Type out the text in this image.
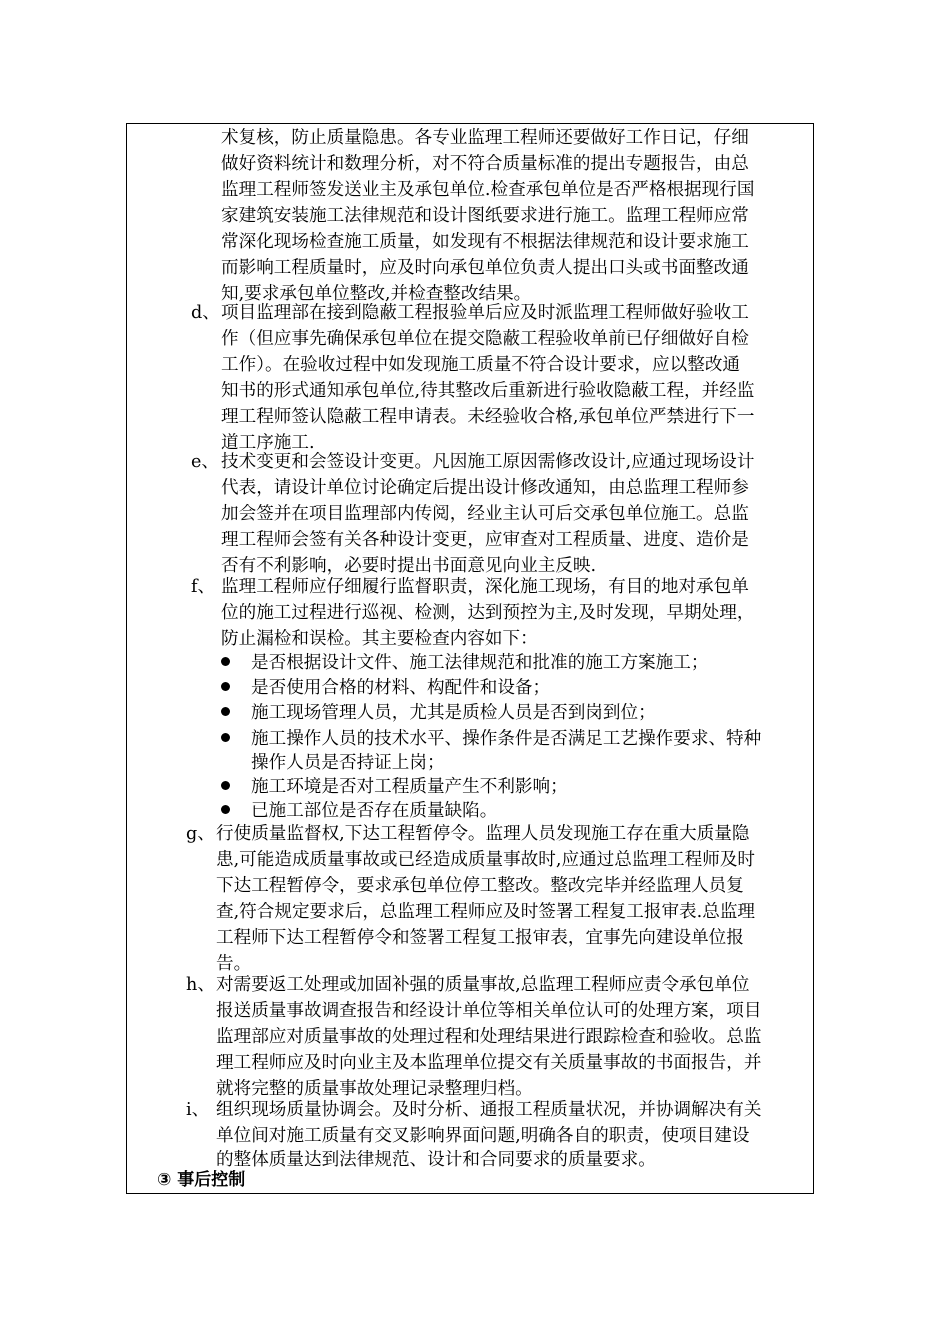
术复核，防止质量隐患。各专业监理工程师还要做好工作日记，仔细
做好资料统计和数理分析，对不符合质量标准的提出专题报告，由总
监理工程师签发送业主及承包单位.检查承包单位是否严格根据现行国
家建筑安装施工法律规范和设计图纸要求进行施工。监理工程师应常
常深化现场检查施工质量，如发现有不根据法律规范和设计要求施工
而影响工程质量时，应及时向承包单位负责人提出口头或书面整改通
知,要求承包单位整改,并检查整改结果。
d、 项目监理部在接到隐蔽工程报验单后应及时派监理工程师做好验收工
作（但应事先确保承包单位在提交隐蔽工程验收单前已仔细做好自检
工作）。在验收过程中如发现施工质量不符合设计要求，应以整改通
知书的形式通知承包单位,待其整改后重新进行验收隐蔽工程，并经监
理工程师签认隐蔽工程申请表。未经验收合格,承包单位严禁进行下一
道工序施工.
e、 技术变更和会签设计变更。凡因施工原因需修改设计,应通过现场设计
代表，请设计单位讨论确定后提出设计修改通知，由总监理工程师参
加会签并在项目监理部内传阅，经业主认可后交承包单位施工。总监
理工程师会签有关各种设计变更，应审查对工程质量、进度、造价是
否有不利影响，必要时提出书面意见向业主反映.
f、 监理工程师应仔细履行监督职责，深化施工现场，有目的地对承包单
位的施工过程进行巡视、检测，达到预控为主,及时发现，早期处理，
防止漏检和误检。其主要检查内容如下：
是否根据设计文件、施工法律规范和批准的施工方案施工；
是否使用合格的材料、构配件和设备；
施工现场管理人员，尤其是质检人员是否到岗到位；
施工操作人员的技术水平、操作条件是否满足工艺操作要求、特种
操作人员是否持证上岗；
施工环境是否对工程质量产生不利影响；
已施工部位是否存在质量缺陷。
g、 行使质量监督权,下达工程暂停令。监理人员发现施工存在重大质量隐
患,可能造成质量事故或已经造成质量事故时,应通过总监理工程师及时
下达工程暂停令，要求承包单位停工整改。整改完毕并经监理人员复
查,符合规定要求后，总监理工程师应及时签署工程复工报审表.总监理
工程师下达工程暂停令和签署工程复工报审表，宜事先向建设单位报
告。
h、 对需要返工处理或加固补强的质量事故,总监理工程师应责令承包单位
报送质量事故调查报告和经设计单位等相关单位认可的处理方案，项目
监理部应对质量事故的处理过程和处理结果进行跟踪检查和验收。总监
理工程师应及时向业主及本监理单位提交有关质量事故的书面报告，并
就将完整的质量事故处理记录整理归档。
i、 组织现场质量协调会。及时分析、通报工程质量状况，并协调解决有关
单位间对施工质量有交叉影响界面问题,明确各自的职责，使项目建设
的整体质量达到法律规范、设计和合同要求的质量要求。
③ 事后控制
